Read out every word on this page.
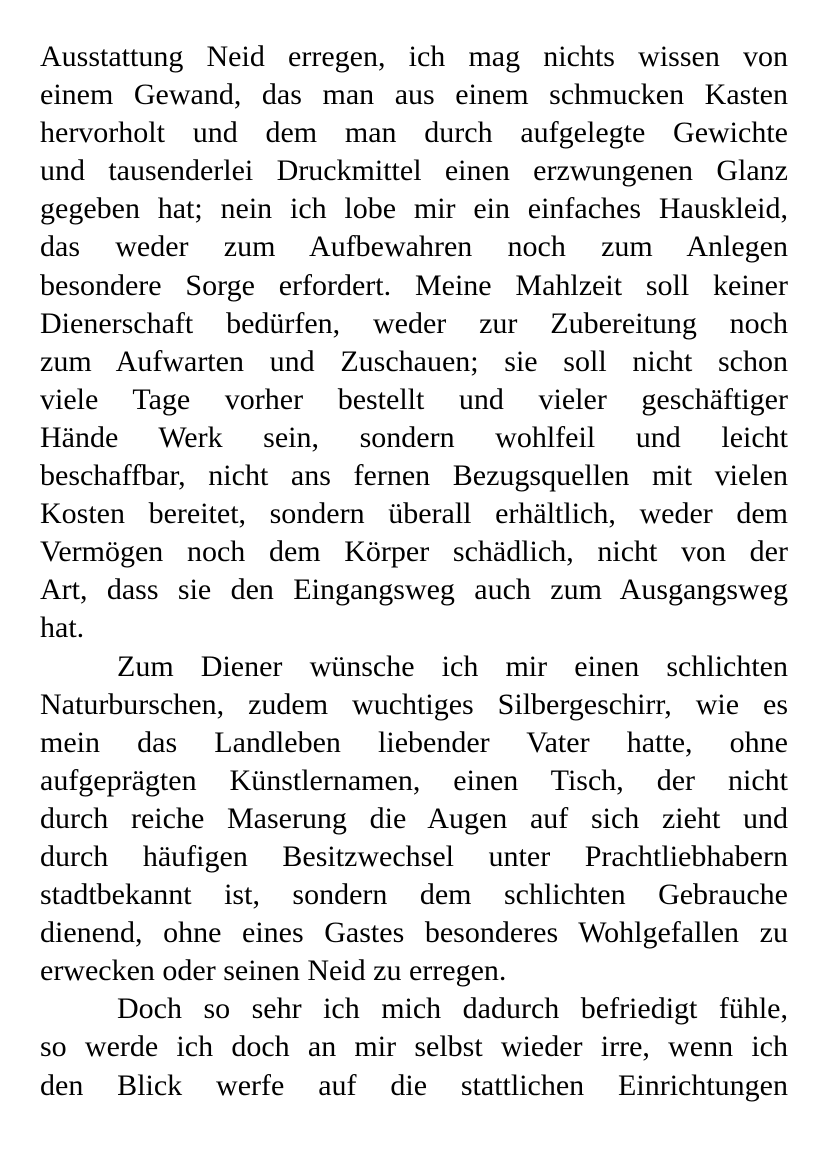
Ausstattung Neid erregen, ich mag nichts wissen von
einem Gewand, das man aus einem schmucken Kasten
hervorholt und dem man durch aufgelegte Gewichte
und tausenderlei Druckmittel einen erzwungenen Glanz
gegeben hat; nein ich lobe mir ein einfaches Hauskleid,
das weder zum Aufbewahren noch zum Anlegen
besondere Sorge erfordert. Meine Mahlzeit soll keiner
Dienerschaft bedürfen, weder zur Zubereitung noch
zum Aufwarten und Zuschauen; sie soll nicht schon
viele Tage vorher bestellt und vieler geschäftiger
Hände Werk sein, sondern wohlfeil und leicht
beschaffbar, nicht ans fernen Bezugsquellen mit vielen
Kosten bereitet, sondern überall erhältlich, weder dem
Vermögen noch dem Körper schädlich, nicht von der
Art, dass sie den Eingangsweg auch zum Ausgangsweg
hat.
Zum Diener wünsche ich mir einen schlichten
Naturburschen, zudem wuchtiges Silbergeschirr, wie es
mein das Landleben liebender Vater hatte, ohne
aufgeprägten Künstlernamen, einen Tisch, der nicht
durch reiche Maserung die Augen auf sich zieht und
durch häufigen Besitzwechsel unter Prachtliebhabern
stadtbekannt ist, sondern dem schlichten Gebrauche
dienend, ohne eines Gastes besonderes Wohlgefallen zu
erwecken oder seinen Neid zu erregen.
Doch so sehr ich mich dadurch befriedigt fühle,
so werde ich doch an mir selbst wieder irre, wenn ich
den Blick werfe auf die stattlichen Einrichtungen
